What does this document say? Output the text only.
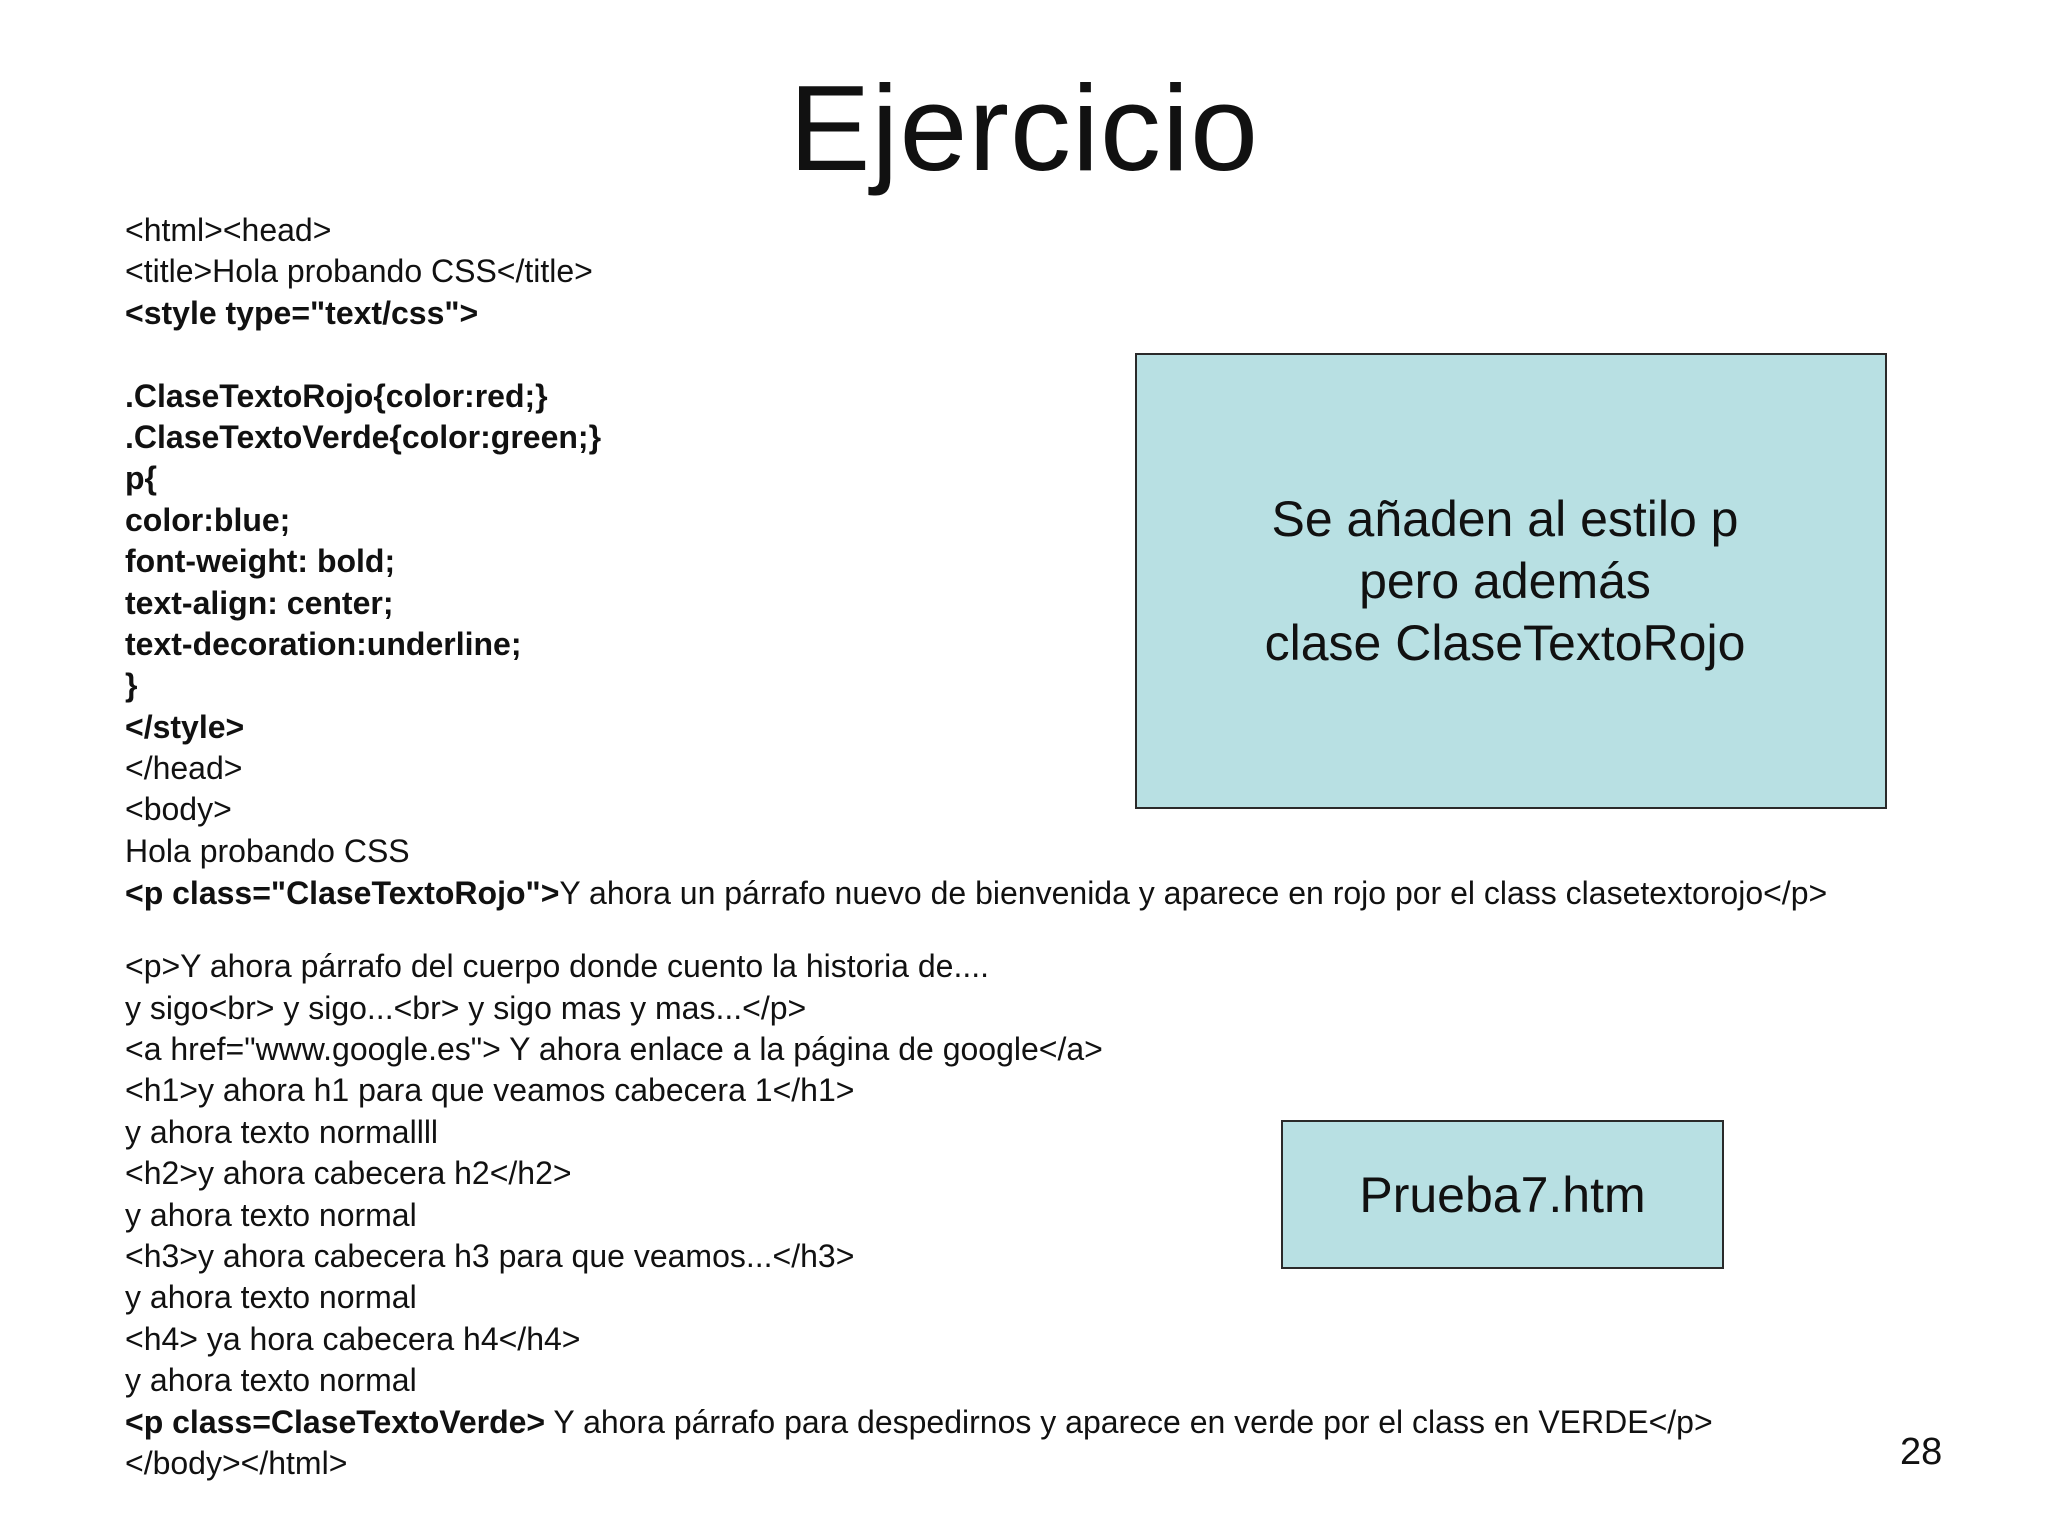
Ejercicio
<html><head>
<title>Hola probando CSS</title>
<style type="text/css">
.ClaseTextoRojo{color:red;}
.ClaseTextoVerde{color:green;}
p{
color:blue;
font-weight: bold;
text-align: center;
text-decoration:underline;
}
</style>
</head>
<body>
Hola probando CSS
<p class="ClaseTextoRojo">Y ahora un párrafo nuevo de bienvenida y aparece en rojo por el class clasetextorojo</p>
<p>Y ahora párrafo del cuerpo donde cuento la historia de....
y sigo<br> y sigo...<br> y sigo mas y mas...</p>
<a href="www.google.es"> Y ahora enlace a la página de google</a>
<h1>y ahora h1 para que veamos cabecera 1</h1>
y ahora texto normallll
<h2>y ahora cabecera h2</h2>
y ahora texto normal
<h3>y ahora cabecera h3 para que veamos...</h3>
y ahora texto normal
<h4> ya hora cabecera h4</h4>
y ahora texto normal
<p class=ClaseTextoVerde> Y ahora párrafo para despedirnos y aparece en verde por el class en VERDE</p>
</body></html>
Se añaden al estilo p
pero además
clase ClaseTextoRojo
Prueba7.htm
28
